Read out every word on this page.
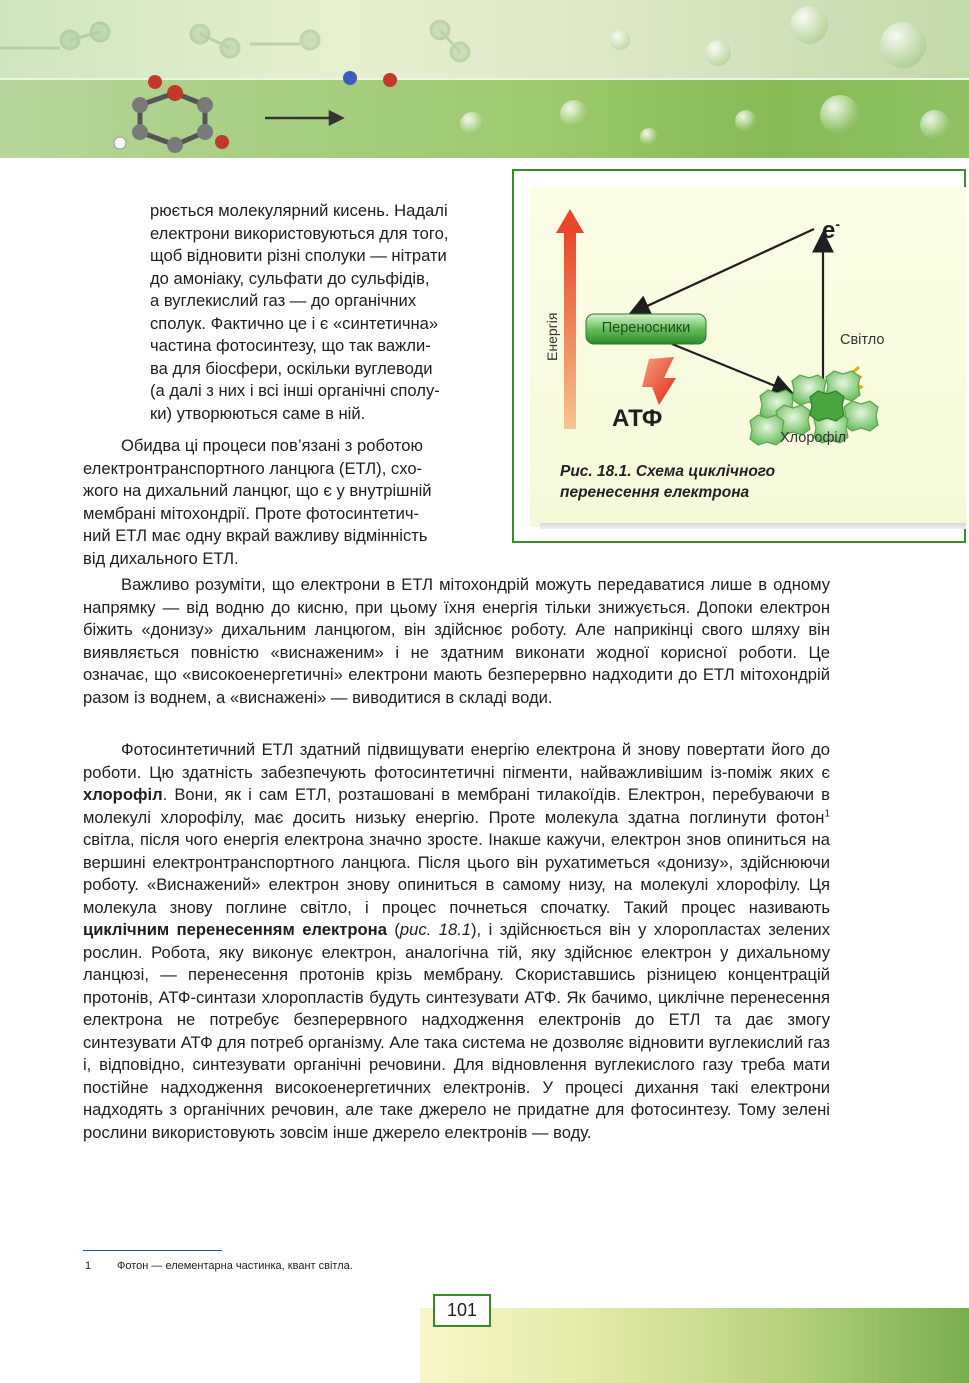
рюється молекулярний кисень. Надалі

електрони використовуються для того,

щоб відновити різні сполуки — нітрати

до амоніаку, сульфати до сульфідів,

а вуглекислий газ — до органічних

сполук. Фактично це і є «синтетична»

частина фотосинтезу, що так важли-

ва для біосфери, оскільки вуглеводи

(а далі з них і всі інші органічні сполу-

ки) утворюються саме в ній.

Обидва ці процеси пов’язані з роботою

електронтранспортного ланцюга (ЕТЛ), схо-

жого на дихальний ланцюг, що є у внутрішній

мембрані мітохондрії. Проте фотосинтетич-

ний ЕТЛ має одну вкрай важливу відмінність

від дихального ЕТЛ.

Енергія

e-

Переносники

Світло

АТФ

Хлорофіл

Рис. 18.1. Схема циклічного
перенесення електрона

Важливо розуміти, що електрони в ЕТЛ мітохондрій можуть передаватися лише в одному напрямку — від водню до кисню, при цьому їхня енергія тільки знижується. Допоки електрон біжить «донизу» дихальним ланцюгом, він здійснює роботу. Але наприкінці свого шляху він виявляється повністю «виснаженим» і не здатним виконати жодної корисної роботи. Це означає, що «високоенергетичні» електрони мають безперервно надходити до ЕТЛ мітохондрій разом із воднем, а «виснажені» — виводитися в складі води.

Фотосинтетичний ЕТЛ здатний підвищувати енергію електрона й знову повертати його до роботи. Цю здатність забезпечують фотосинтетичні пігменти, найважливішим із-поміж яких є хлорофіл. Вони, як і сам ЕТЛ, розташовані в мембрані тилакоїдів. Електрон, перебуваючи в молекулі хлорофілу, має досить низьку енергію. Проте молекула здатна поглинути фотон$^1$ світла, після чого енергія електрона значно зросте. Інакше кажучи, електрон знов опиниться на вершині електронтранспортного ланцюга. Після цього він рухатиметься «донизу», здійснюючи роботу. «Виснажений» електрон знову опиниться в самому низу, на молекулі хлорофілу. Ця молекула знову поглине світло, і процес почнеться спочатку. Такий процес називають циклічним перенесенням електрона (рис. 18.1), і здійснюється він у хлоропластах зелених рослин. Робота, яку виконує електрон, аналогічна тій, яку здійснює електрон у дихальному ланцюзі, — перенесення протонів крізь мембрану. Скориставшись різницею концентрацій протонів, АТФ-синтази хлоропластів будуть синтезувати АТФ. Як бачимо, циклічне перенесення електрона не потребує безперервного надходження електронів до ЕТЛ та дає змогу синтезувати АТФ для потреб організму. Але така система не дозволяє відновити вуглекислий газ і, відповідно, синтезувати органічні речовини. Для відновлення вуглекислого газу треба мати постійне надходження високоенергетичних електронів. У процесі дихання такі електрони надходять з органічних речовин, але таке джерело не придатне для фотосинтезу. Тому зелені рослини використовують зовсім інше джерело електронів — воду.

1 Фотон — елементарна частинка, квант світла.

101
